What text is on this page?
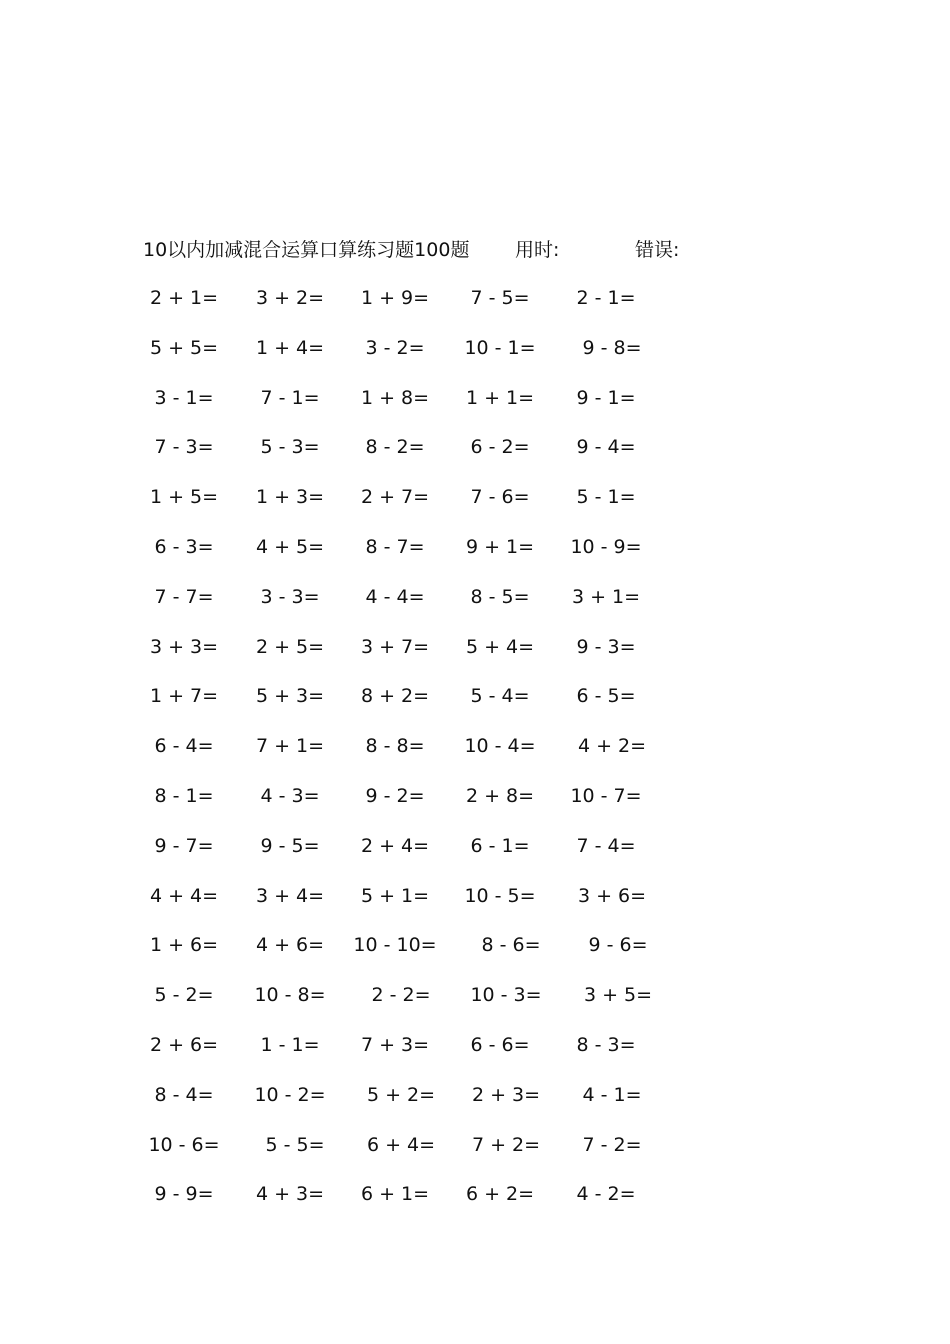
10以内加减混合运算口算练习题100题 用时:	错误:
2 + 1=	3 + 2=	1 + 9=	7 - 5=	2 - 1=
5 + 5=	1 + 4=	3 - 2=	10 - 1=	9 - 8=
3 - 1=	7 - 1=	1 + 8=	1 + 1=	9 - 1=
7 - 3=	5 - 3=	8 - 2=	6 - 2=	9 - 4=
1 + 5=	1 + 3=	2 + 7=	7 - 6=	5 - 1=
6 - 3=	4 + 5=	8 - 7=	9 + 1=	10 - 9=
7 - 7=	3 - 3=	4 - 4=	8 - 5=	3 + 1=
3 + 3=	2 + 5=	3 + 7=	5 + 4=	9 - 3=
1 + 7=	5 + 3=	8 + 2=	5 - 4=	6 - 5=
6 - 4=	7 + 1=	8 - 8=	10 - 4=	4 + 2=
8 - 1=	4 - 3=	9 - 2=	2 + 8=	10 - 7=
9 - 7=	9 - 5=	2 + 4=	6 - 1=	7 - 4=
4 + 4=	3 + 4=	5 + 1=	10 - 5=	3 + 6=
1 + 6=	4 + 6=	10 - 10=	8 - 6=	9 - 6=
5 - 2=	10 - 8=	2 - 2=	10 - 3=	3 + 5=
2 + 6=	1 - 1=	7 + 3=	6 - 6=	8 - 3=
8 - 4=	10 - 2=	5 + 2=	2 + 3=	4 - 1=
10 - 6=	5 - 5=	6 + 4=	7 + 2=	7 - 2=
9 - 9=	4 + 3=	6 + 1=	6 + 2=	4 - 2=
